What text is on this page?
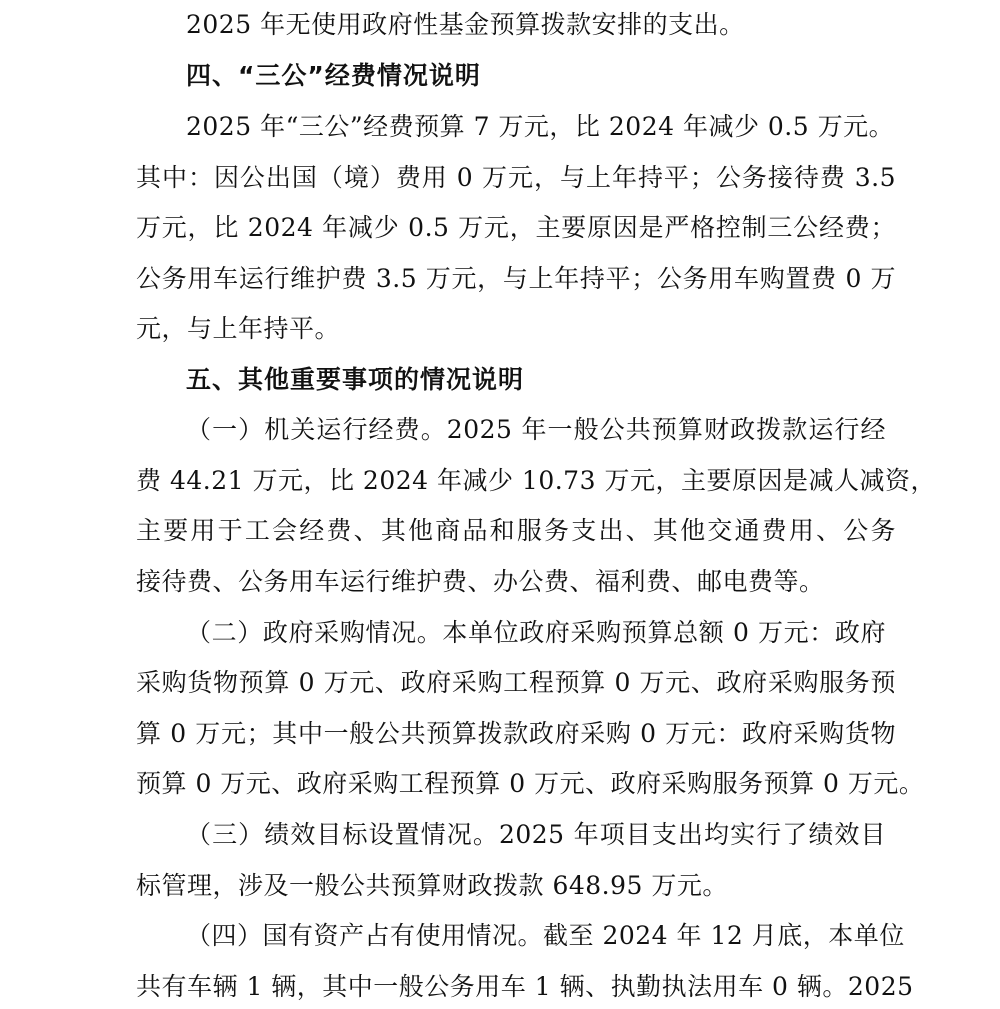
2025 年无使用政府性基金预算拨款安排的支出。
四、“三公”经费情况说明
2025 年“三公”经费预算 7 万元，比 2024 年减少 0.5 万元。
其中：因公出国（境）费用 0 万元，与上年持平；公务接待费 3.5
万元，比 2024 年减少 0.5 万元，主要原因是严格控制三公经费；
公务用车运行维护费 3.5 万元，与上年持平；公务用车购置费 0 万
元，与上年持平。
五、其他重要事项的情况说明
（一）机关运行经费。2025 年一般公共预算财政拨款运行经
费 44.21 万元，比 2024 年减少 10.73 万元，主要原因是减人减资，
主要用于工会经费、其他商品和服务支出、其他交通费用、公务
接待费、公务用车运行维护费、办公费、福利费、邮电费等。
（二）政府采购情况。本单位政府采购预算总额 0 万元：政府
采购货物预算 0 万元、政府采购工程预算 0 万元、政府采购服务预
算 0 万元；其中一般公共预算拨款政府采购 0 万元：政府采购货物
预算 0 万元、政府采购工程预算 0 万元、政府采购服务预算 0 万元。
（三）绩效目标设置情况。2025 年项目支出均实行了绩效目
标管理，涉及一般公共预算财政拨款 648.95 万元。
（四）国有资产占有使用情况。截至 2024 年 12 月底，本单位
共有车辆 1 辆，其中一般公务用车 1 辆、执勤执法用车 0 辆。2025
